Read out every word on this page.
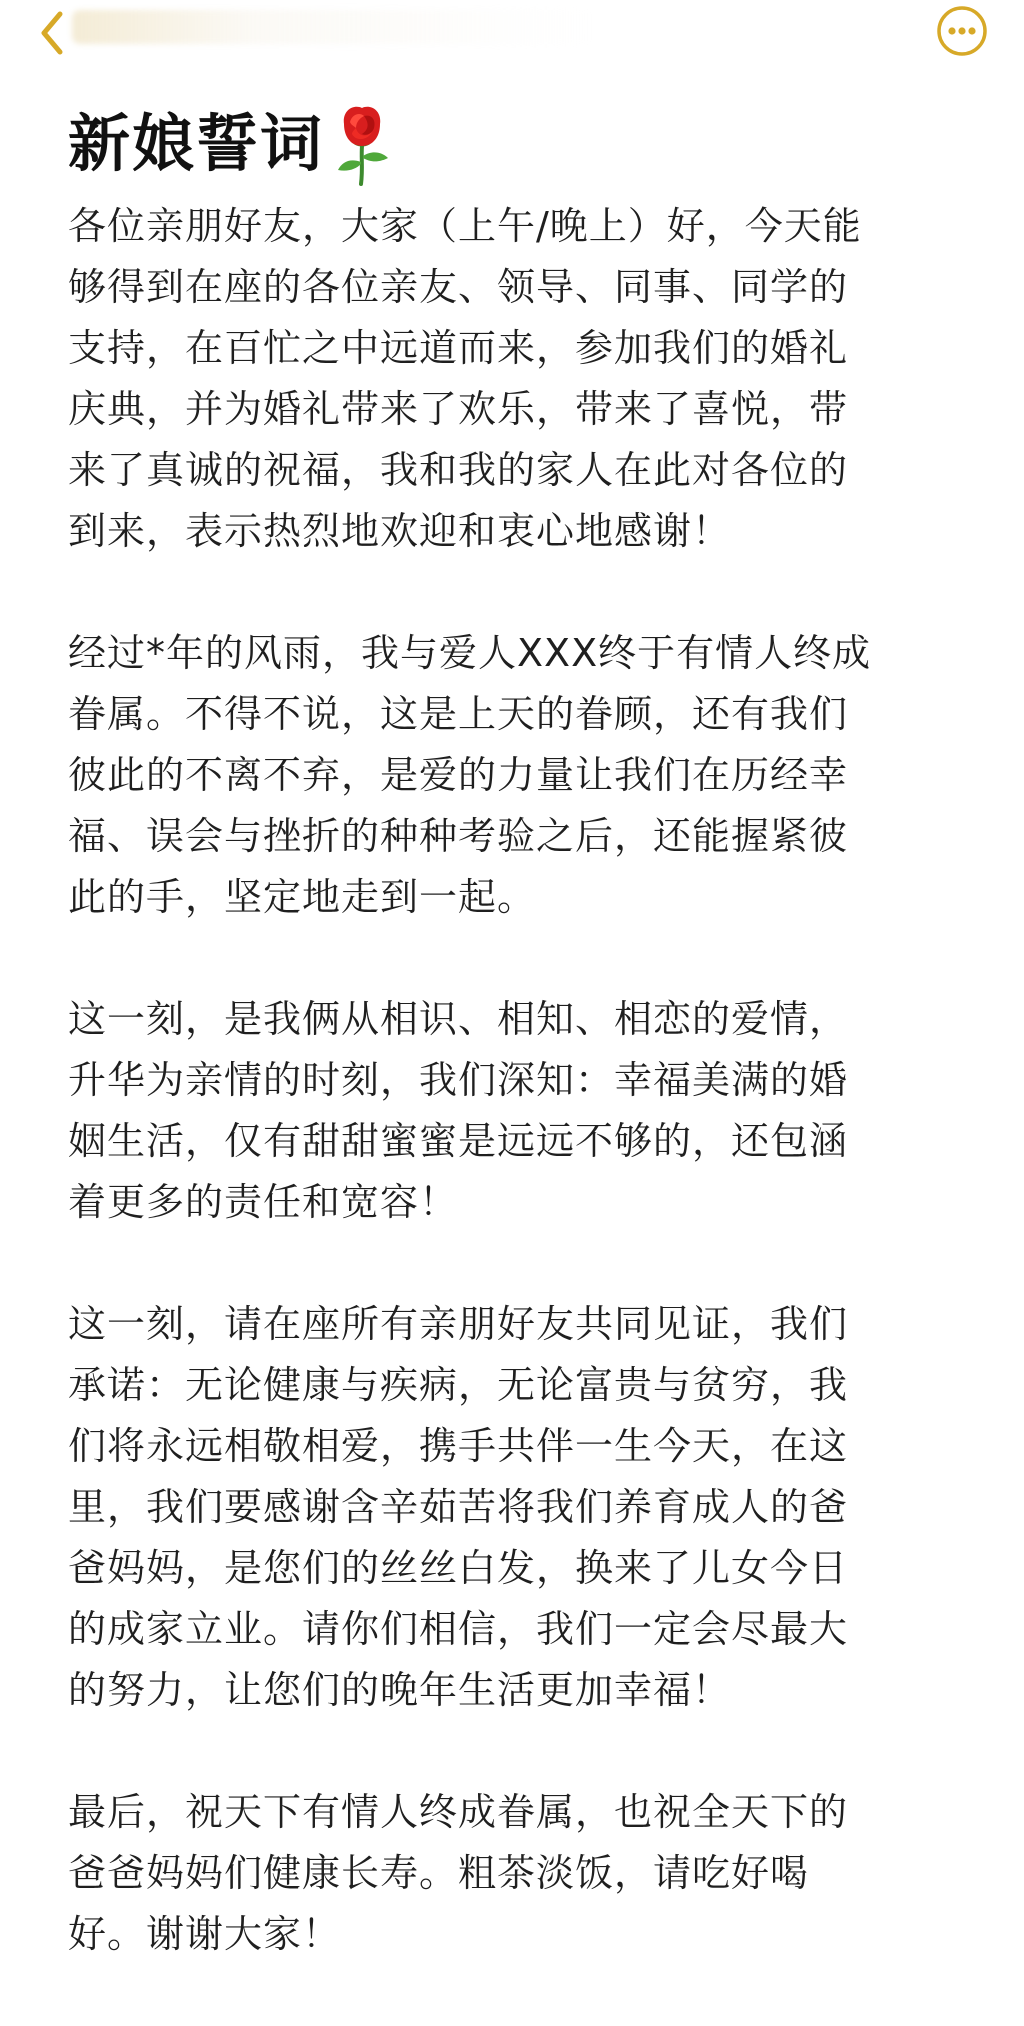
新娘誓词

各位亲朋好友，大家（上午/晚上）好，今天能
够得到在座的各位亲友、领导、同事、同学的
支持，在百忙之中远道而来，参加我们的婚礼
庆典，并为婚礼带来了欢乐，带来了喜悦，带
来了真诚的祝福，我和我的家人在此对各位的
到来，表示热烈地欢迎和衷心地感谢！

经过*年的风雨，我与爱人XXX终于有情人终成
眷属。不得不说，这是上天的眷顾，还有我们
彼此的不离不弃，是爱的力量让我们在历经幸
福、误会与挫折的种种考验之后，还能握紧彼
此的手，坚定地走到一起。

这一刻，是我俩从相识、相知、相恋的爱情，
升华为亲情的时刻，我们深知：幸福美满的婚
姻生活，仅有甜甜蜜蜜是远远不够的，还包涵
着更多的责任和宽容！

这一刻，请在座所有亲朋好友共同见证，我们
承诺：无论健康与疾病，无论富贵与贫穷，我
们将永远相敬相爱，携手共伴一生今天，在这
里，我们要感谢含辛茹苦将我们养育成人的爸
爸妈妈，是您们的丝丝白发，换来了儿女今日
的成家立业。请你们相信，我们一定会尽最大
的努力，让您们的晚年生活更加幸福！

最后，祝天下有情人终成眷属，也祝全天下的
爸爸妈妈们健康长寿。粗茶淡饭，请吃好喝
好。谢谢大家！
